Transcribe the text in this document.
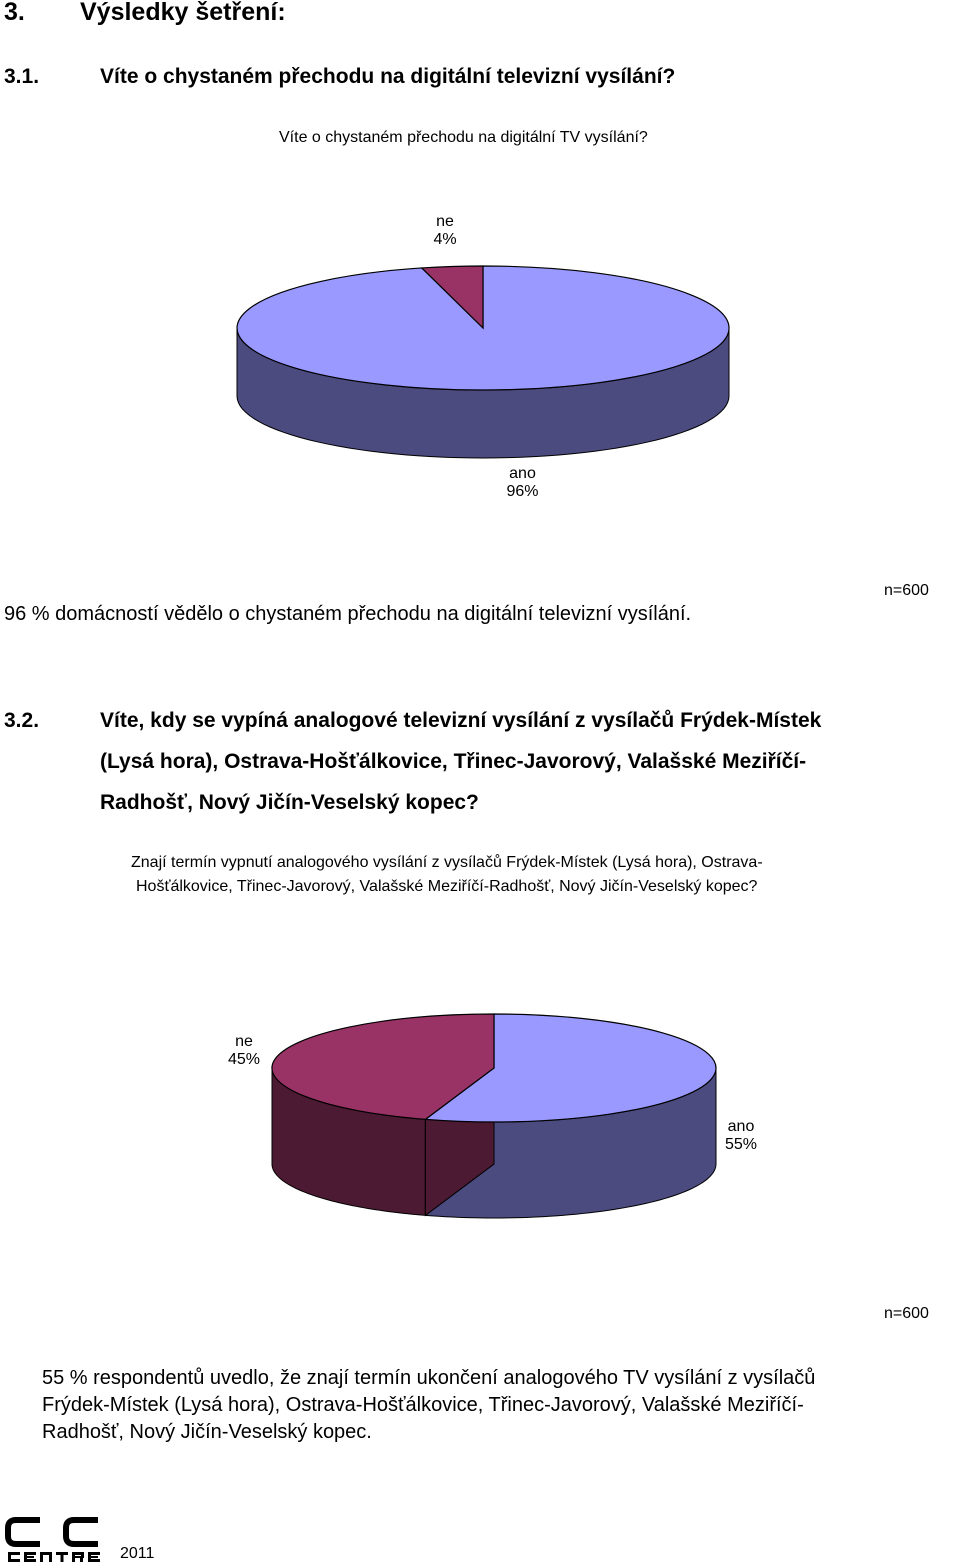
3. Výsledky šetření:
3.1.	Víte o chystaném přechodu na digitální televizní vysílání?
Víte o chystaném přechodu na digitální TV vysílání?
ne
4%
ano
96%
96 % domácností vědělo o chystaném přechodu na digitální televizní vysílání.
n=600
3.2.	Víte, kdy se vypíná analogové televizní vysílání z vysílačů Frýdek-Místek
(Lysá hora), Ostrava-Hošťálkovice, Třinec-Javorový, Valašské Meziříčí-
Radhošť, Nový Jičín-Veselský kopec?
Znají termín vypnutí analogového vysílání z vysílačů Frýdek-Místek (Lysá hora), Ostrava-
Hošťálkovice, Třinec-Javorový, Valašské Meziříčí-Radhošť, Nový Jičín-Veselský kopec?
ne
45%
ano
55%
n=600
55 % respondentů uvedlo, že znají termín ukončení analogového TV vysílání z vysílačů
Frýdek-Místek (Lysá hora), Ostrava-Hošťálkovice, Třinec-Javorový, Valašské Meziříčí-
Radhošť, Nový Jičín-Veselský kopec.
2011
